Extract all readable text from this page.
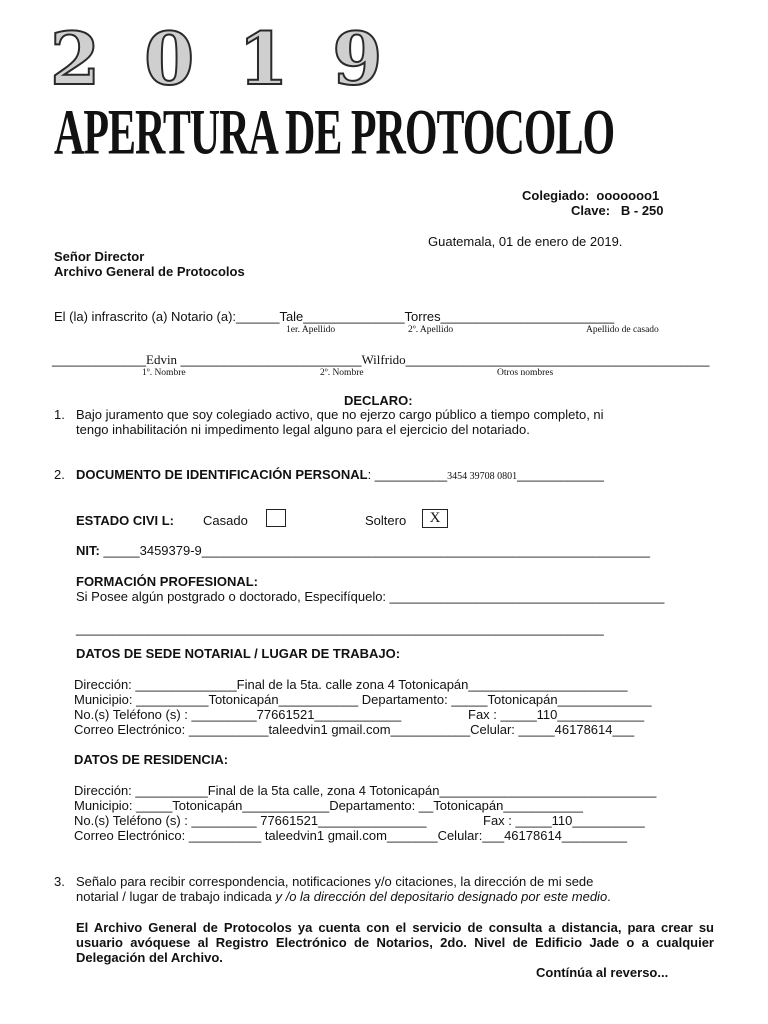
2019
APERTURA DE PROTOCOLO
Colegiado: ooooooo1
Clave: B - 250
Guatemala, 01 de enero de 2019.
Señor Director
Archivo General de Protocolos
El (la) infrascrito (a) Notario (a):______Tale______________Torres________________________
1er. Apellido	2º. Apellido	Apellido de casado
_____________Edvin _________________________Wilfrido__________________________________________
1º. Nombre	2º. Nombre	Otros nombres
DECLARO:
1. Bajo juramento que soy colegiado activo, que no ejerzo cargo público a tiempo completo, ni
tengo inhabilitación ni impedimento legal alguno para el ejercicio del notariado.
2. DOCUMENTO DE IDENTIFICACIÓN PERSONAL: __________3454 39708 0801____________
ESTADO CIVI L: Casado	Soltero	X
NIT: _____3459379-9______________________________________________________________
FORMACIÓN PROFESIONAL:
Si Posee algún postgrado o doctorado, Especifíquelo: ______________________________________
_________________________________________________________________________
DATOS DE SEDE NOTARIAL / LUGAR DE TRABAJO:
Dirección: ______________Final de la 5ta. calle zona 4 Totonicapán______________________
Municipio: __________Totonicapán___________ Departamento: _____Totonicapán_____________
No.(s) Teléfono (s) : _________77661521____________	Fax : _____110____________
Correo Electrónico: ___________taleedvin1 gmail.com___________Celular: _____46178614___
DATOS DE RESIDENCIA:
Dirección: __________Final de la 5ta calle, zona 4 Totonicapán______________________________
Municipio: _____Totonicapán____________Departamento: __Totonicapán___________
No.(s) Teléfono (s) : _________ 77661521_______________	Fax : _____110__________
Correo Electrónico: __________ taleedvin1 gmail.com_______Celular:___46178614_________
3. Señalo para recibir correspondencia, notificaciones y/o citaciones, la dirección de mi sede
notarial / lugar de trabajo indicada y /o la dirección del depositario designado por este medio.
El Archivo General de Protocolos ya cuenta con el servicio de consulta a distancia, para crear su usuario avóquese al Registro Electrónico de Notarios, 2do. Nivel de Edificio Jade o a cualquier Delegación del Archivo.
Contínúa al reverso...
